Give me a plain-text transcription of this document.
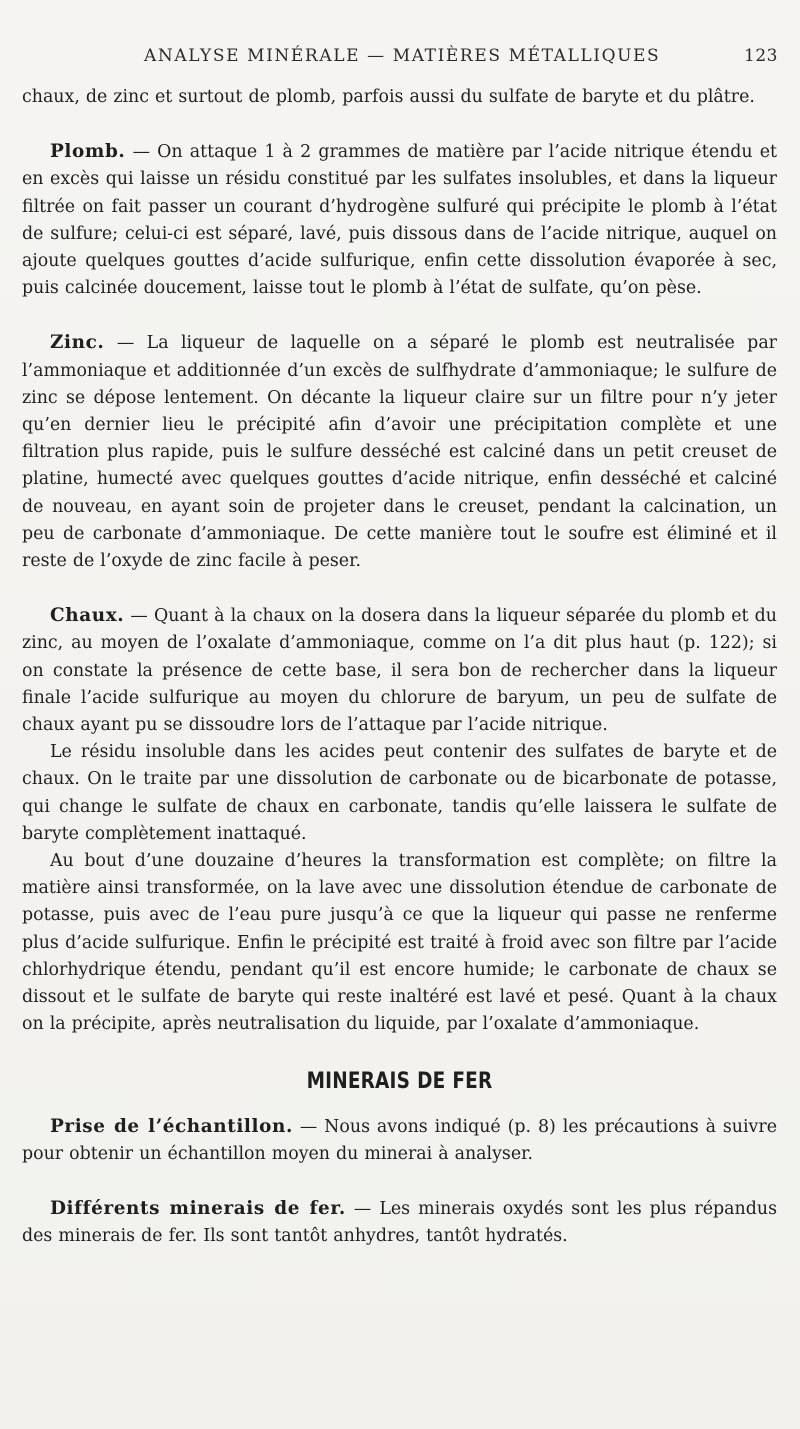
ANALYSE MINÉRALE — MATIÈRES MÉTALLIQUES	123

chaux, de zinc et surtout de plomb, parfois aussi du sulfate de baryte et du plâtre.

Plomb. — On attaque 1 à 2 grammes de matière par l’acide nitrique étendu et en excès qui laisse un résidu constitué par les sulfates insolubles, et dans la liqueur filtrée on fait passer un courant d’hydrogène sulfuré qui précipite le plomb à l’état de sulfure; celui-ci est séparé, lavé, puis dissous dans de l’acide nitrique, auquel on ajoute quelques gouttes d’acide sulfurique, enfin cette dissolution évaporée à sec, puis calcinée doucement, laisse tout le plomb à l’état de sulfate, qu’on pèse.

Zinc. — La liqueur de laquelle on a séparé le plomb est neutralisée par l’ammoniaque et additionnée d’un excès de sulfhydrate d’ammoniaque; le sulfure de zinc se dépose lentement. On décante la liqueur claire sur un filtre pour n’y jeter qu’en dernier lieu le précipité afin d’avoir une précipitation complète et une filtration plus rapide, puis le sulfure desséché est calciné dans un petit creuset de platine, humecté avec quelques gouttes d’acide nitrique, enfin desséché et calciné de nouveau, en ayant soin de projeter dans le creuset, pendant la calcination, un peu de carbonate d’ammoniaque. De cette manière tout le soufre est éliminé et il reste de l’oxyde de zinc facile à peser.

Chaux. — Quant à la chaux on la dosera dans la liqueur séparée du plomb et du zinc, au moyen de l’oxalate d’ammoniaque, comme on l’a dit plus haut (p. 122); si on constate la présence de cette base, il sera bon de rechercher dans la liqueur finale l’acide sulfurique au moyen du chlorure de baryum, un peu de sulfate de chaux ayant pu se dissoudre lors de l’attaque par l’acide nitrique.

Le résidu insoluble dans les acides peut contenir des sulfates de baryte et de chaux. On le traite par une dissolution de carbonate ou de bicarbonate de potasse, qui change le sulfate de chaux en carbonate, tandis qu’elle laissera le sulfate de baryte complètement inattaqué.

Au bout d’une douzaine d’heures la transformation est complète; on filtre la matière ainsi transformée, on la lave avec une dissolution étendue de carbonate de potasse, puis avec de l’eau pure jusqu’à ce que la liqueur qui passe ne renferme plus d’acide sulfurique. Enfin le précipité est traité à froid avec son filtre par l’acide chlorhydrique étendu, pendant qu’il est encore humide; le carbonate de chaux se dissout et le sulfate de baryte qui reste inaltéré est lavé et pesé. Quant à la chaux on la précipite, après neutralisation du liquide, par l’oxalate d’ammoniaque.

MINERAIS DE FER

Prise de l’échantillon. — Nous avons indiqué (p. 8) les précautions à suivre pour obtenir un échantillon moyen du minerai à analyser.

Différents minerais de fer. — Les minerais oxydés sont les plus répandus des minerais de fer. Ils sont tantôt anhydres, tantôt hydratés.
